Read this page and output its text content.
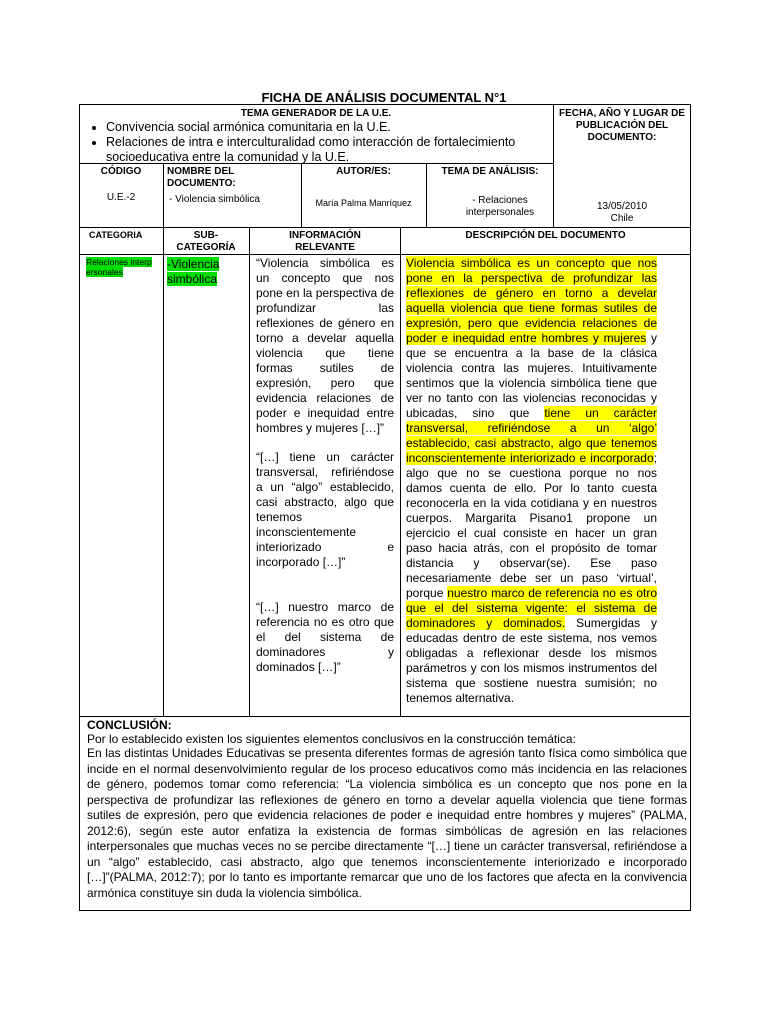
FICHA DE ANÁLISIS DOCUMENTAL N°1
TEMA GENERADOR DE LA U.E.
• Convivencia social armónica comunitaria en la U.E.
• Relaciones de intra e interculturalidad como interacción de fortalecimiento socioeducativa entre la comunidad y la U.E.
FECHA, AÑO Y LUGAR DE PUBLICACIÓN DEL DOCUMENTO:
13/05/2010
Chile
CÓDIGO
U.E.-2
NOMBRE DEL DOCUMENTO:
- Violencia simbólica
AUTOR/ES:
María Palma Manríquez
TEMA DE ANÁLISIS:
- Relaciones interpersonales
CATEGORIA	SUB-CATEGORÍA
INFORMACIÓN RELEVANTE
DESCRIPCIÓN DEL DOCUMENTO
Relaciones interpersonales
-Violencia simbólica

“Violencia simbólica es un concepto que nos pone en la perspectiva de profundizar las reflexiones de género en torno a develar aquella violencia que tiene formas sutiles de expresión, pero que evidencia relaciones de poder e inequidad entre hombres y mujeres […]”

“[…] tiene un carácter transversal, refiriéndose a un “algo” establecido, casi abstracto, algo que tenemos inconscientemente interiorizado e incorporado […]”

“[…] nuestro marco de referencia no es otro que el del sistema de dominadores y dominados […]”

Violencia simbólica es un concepto que nos pone en la perspectiva de profundizar las reflexiones de género en torno a develar aquella violencia que tiene formas sutiles de expresión, pero que evidencia relaciones de poder e inequidad entre hombres y mujeres y que se encuentra a la base de la clásica violencia contra las mujeres. Intuitivamente sentimos que la violencia simbólica tiene que ver no tanto con las violencias reconocidas y ubicadas, sino que tiene un carácter transversal, refiriéndose a un ‘algo’ establecido, casi abstracto, algo que tenemos inconscientemente interiorizado e incorporado; algo que no se cuestiona porque no nos damos cuenta de ello. Por lo tanto cuesta reconocerla en la vida cotidiana y en nuestros cuerpos. Margarita Pisano1 propone un ejercicio el cual consiste en hacer un gran paso hacia atrás, con el propósito de tomar distancia y observar(se). Ese paso necesariamente debe ser un paso ‘virtual’, porque nuestro marco de referencia no es otro que el del sistema vigente: el sistema de dominadores y dominados. Sumergidas y educadas dentro de este sistema, nos vemos obligadas a reflexionar desde los mismos parámetros y con los mismos instrumentos del sistema que sostiene nuestra sumisión; no tenemos alternativa.
CONCLUSIÓN:
Por lo establecido existen los siguientes elementos conclusivos en la construcción temática:
En las distintas Unidades Educativas se presenta diferentes formas de agresión tanto física como simbólica que incide en el normal desenvolvimiento regular de los proceso educativos como más incidencia en las relaciones de género, podemos tomar como referencia: “La violencia simbólica es un concepto que nos pone en la perspectiva de profundizar las reflexiones de género en torno a develar aquella violencia que tiene formas sutiles de expresión, pero que evidencia relaciones de poder e inequidad entre hombres y mujeres” (PALMA, 2012:6), según este autor enfatiza la existencia de formas simbólicas de agresión en las relaciones interpersonales que muchas veces no se percibe directamente “[…] tiene un carácter transversal, refiriéndose a un “algo” establecido, casi abstracto, algo que tenemos inconscientemente interiorizado e incorporado […]”(PALMA, 2012:7); por lo tanto es importante remarcar que uno de los factores que afecta en la convivencia armónica constituye sin duda la violencia simbólica.
